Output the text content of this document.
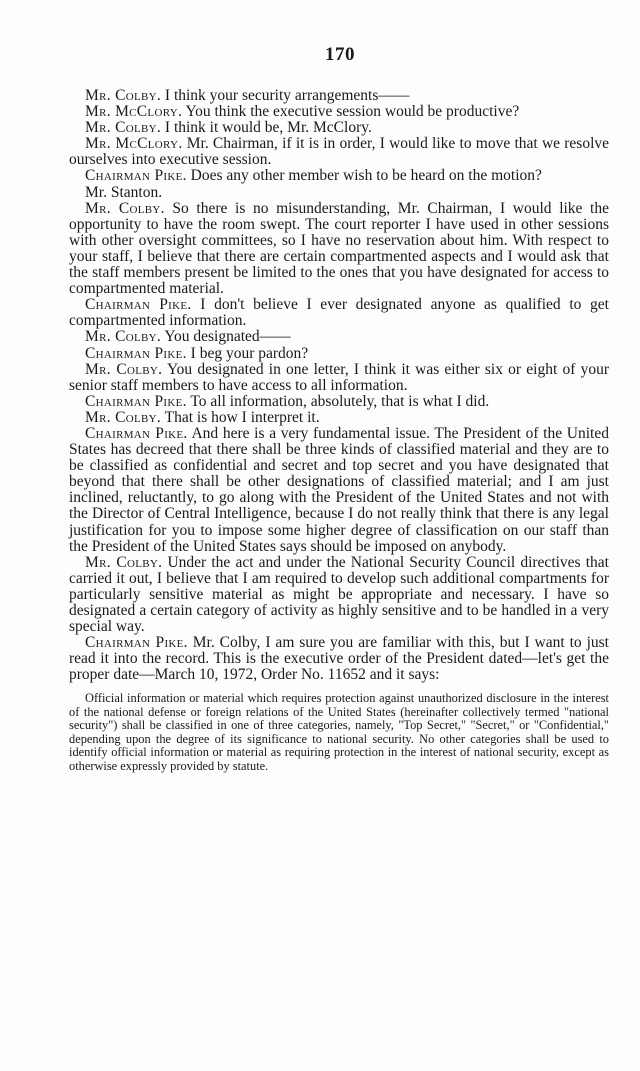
170

Mr. Colby. I think your security arrangements——

Mr. McClory. You think the executive session would be productive?

Mr. Colby. I think it would be, Mr. McClory.

Mr. McClory. Mr. Chairman, if it is in order, I would like to move that we resolve ourselves into executive session.

Chairman Pike. Does any other member wish to be heard on the motion?

Mr. Stanton.

Mr. Colby. So there is no misunderstanding, Mr. Chairman, I would like the opportunity to have the room swept. The court reporter I have used in other sessions with other oversight committees, so I have no reservation about him. With respect to your staff, I believe that there are certain compartmented aspects and I would ask that the staff members present be limited to the ones that you have designated for access to compartmented material.

Chairman Pike. I don't believe I ever designated anyone as qualified to get compartmented information.

Mr. Colby. You designated——

Chairman Pike. I beg your pardon?

Mr. Colby. You designated in one letter, I think it was either six or eight of your senior staff members to have access to all information.

Chairman Pike. To all information, absolutely, that is what I did.

Mr. Colby. That is how I interpret it.

Chairman Pike. And here is a very fundamental issue. The President of the United States has decreed that there shall be three kinds of classified material and they are to be classified as confidential and secret and top secret and you have designated that beyond that there shall be other designations of classified material; and I am just inclined, reluctantly, to go along with the President of the United States and not with the Director of Central Intelligence, because I do not really think that there is any legal justification for you to impose some higher degree of classification on our staff than the President of the United States says should be imposed on anybody.

Mr. Colby. Under the act and under the National Security Council directives that carried it out, I believe that I am required to develop such additional compartments for particularly sensitive material as might be appropriate and necessary. I have so designated a certain category of activity as highly sensitive and to be handled in a very special way.

Chairman Pike. Mr. Colby, I am sure you are familiar with this, but I want to just read it into the record. This is the executive order of the President dated—let's get the proper date—March 10, 1972, Order No. 11652 and it says:

Official information or material which requires protection against unauthorized disclosure in the interest of the national defense or foreign relations of the United States (hereinafter collectively termed "national security") shall be classified in one of three categories, namely, "Top Secret," "Secret," or "Confidential," depending upon the degree of its significance to national security. No other categories shall be used to identify official information or material as requiring protection in the interest of national security, except as otherwise expressly provided by statute.
